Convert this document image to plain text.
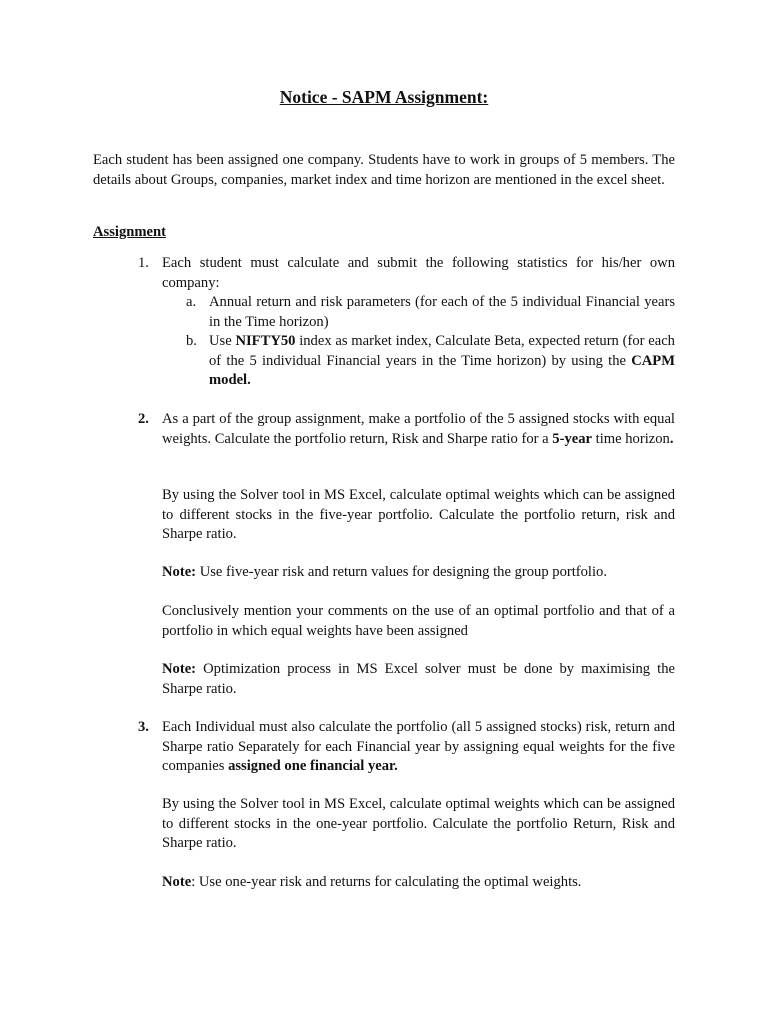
Notice - SAPM Assignment:
Each student has been assigned one company. Students have to work in groups of 5 members. The details about Groups, companies, market index and time horizon are mentioned in the excel sheet.
Assignment
1. Each student must calculate and submit the following statistics for his/her own company:
a. Annual return and risk parameters (for each of the 5 individual Financial years in the Time horizon)
b. Use NIFTY50 index as market index, Calculate Beta, expected return (for each of the 5 individual Financial years in the Time horizon) by using the CAPM model.
2. As a part of the group assignment, make a portfolio of the 5 assigned stocks with equal weights. Calculate the portfolio return, Risk and Sharpe ratio for a 5-year time horizon.
By using the Solver tool in MS Excel, calculate optimal weights which can be assigned to different stocks in the five-year portfolio. Calculate the portfolio return, risk and Sharpe ratio.
Note: Use five-year risk and return values for designing the group portfolio.
Conclusively mention your comments on the use of an optimal portfolio and that of a portfolio in which equal weights have been assigned
Note: Optimization process in MS Excel solver must be done by maximising the Sharpe ratio.
3. Each Individual must also calculate the portfolio (all 5 assigned stocks) risk, return and Sharpe ratio Separately for each Financial year by assigning equal weights for the five companies assigned one financial year.
By using the Solver tool in MS Excel, calculate optimal weights which can be assigned to different stocks in the one-year portfolio. Calculate the portfolio Return, Risk and Sharpe ratio.
Note: Use one-year risk and returns for calculating the optimal weights.
